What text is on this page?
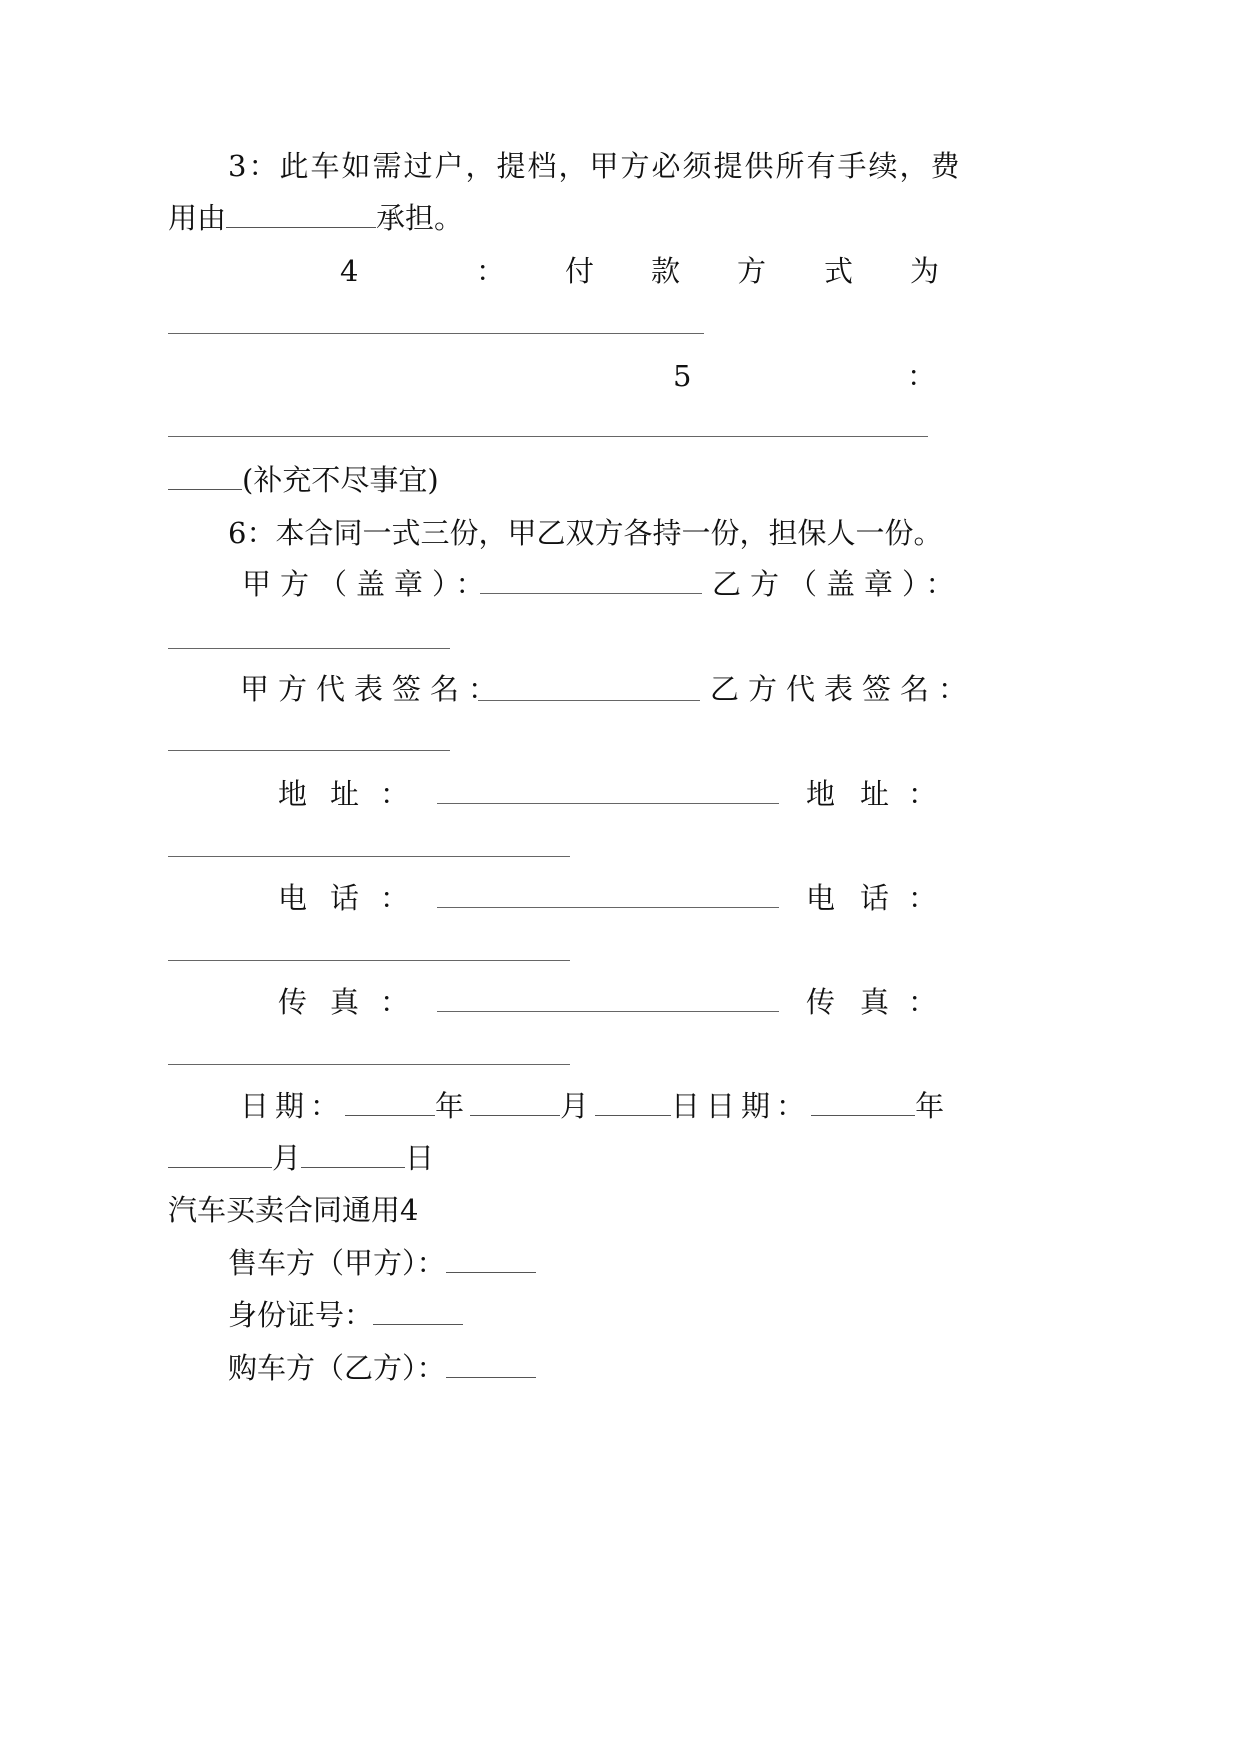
3：此车如需过户，提档，甲方必须提供所有手续，费
用由	承担。
4	： 付 款 方 式 为
5	：
(补充不尽事宜)
6：本合同一式三份，甲乙双方各持一份，担保人一份。
甲方（盖章）：	乙方（盖章）：
甲方代表签名：	乙方代表签名：
地 址 ：	地 址 ：
电 话 ：	电 话 ：
传 真 ：	传 真 ：
日期：	年	月	日日期：	年
月	日
汽车买卖合同通用4
售车方（甲方）：
身份证号：
购车方（乙方）：
